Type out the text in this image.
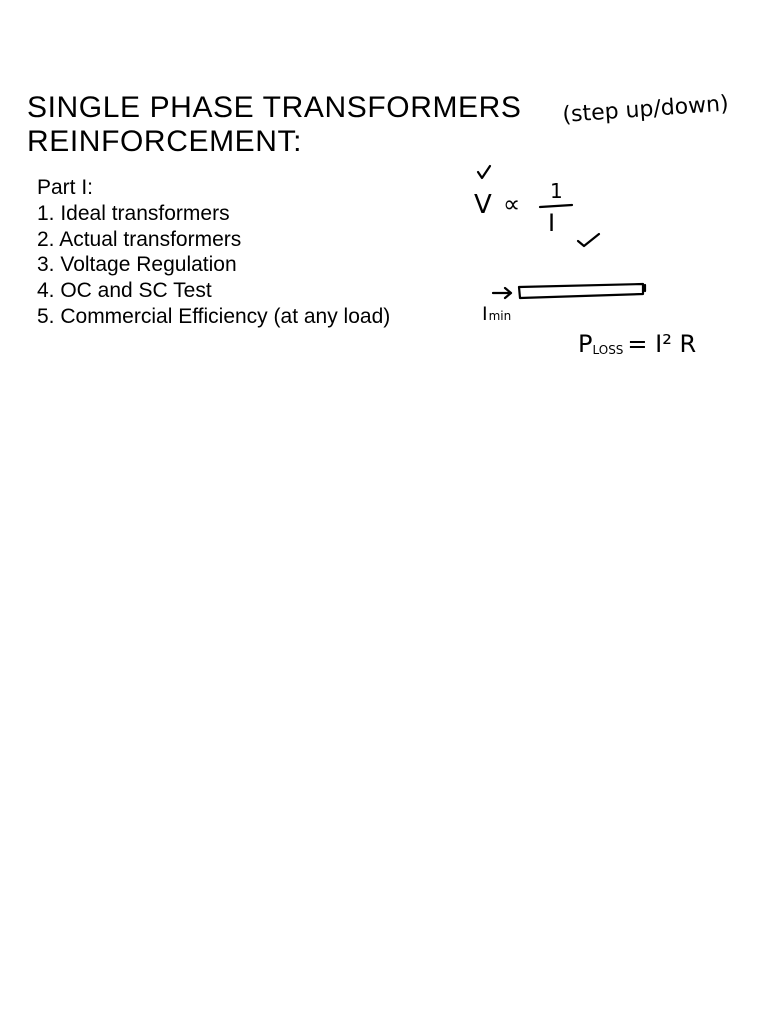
SINGLE PHASE TRANSFORMERS
REINFORCEMENT:
Part I:
1. Ideal transformers
2. Actual transformers
3. Voltage Regulation
4. OC and SC Test
5. Commercial Efficiency (at any load)
(step up/down)
V ∝ 1
I
Imin
PLOSS = I² R
